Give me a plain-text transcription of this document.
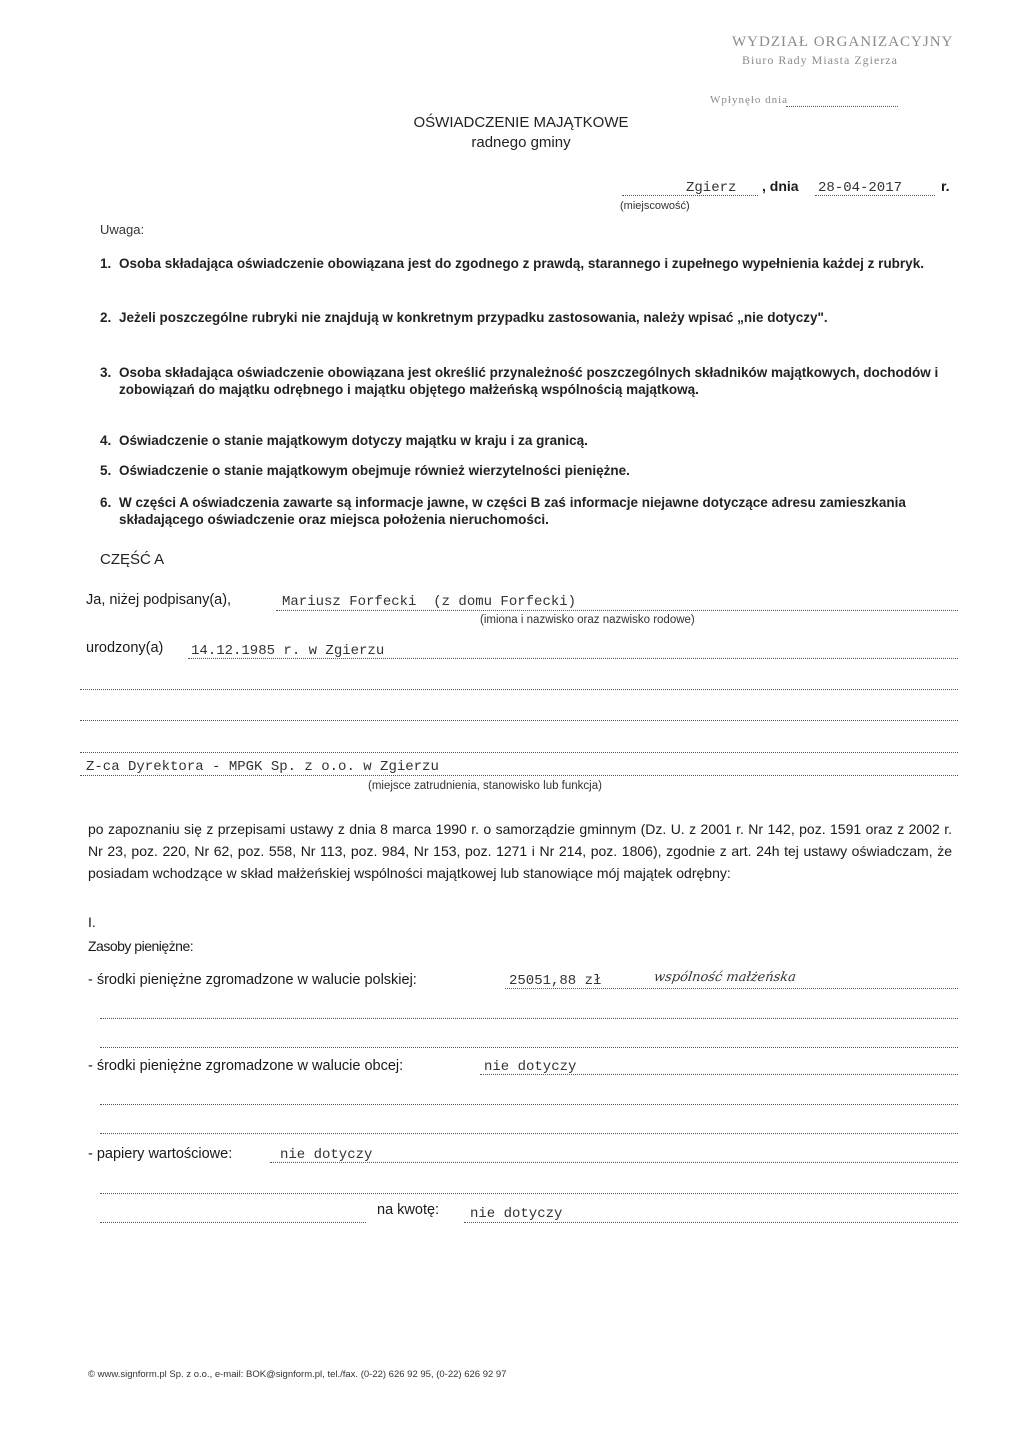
WYDZIAŁ ORGANIZACYJNY
Biuro Rady Miasta Zgierza
Wpłynęło dnia
OŚWIADCZENIE MAJĄTKOWE
radnego gminy
Zgierz
(miejscowość)
, dnia 28-04-2017	r.
Uwaga:
1. Osoba składająca oświadczenie obowiązana jest do zgodnego z prawdą, starannego i zupełnego wypełnienia każdej z rubryk.
2. Jeżeli poszczególne rubryki nie znajdują w konkretnym przypadku zastosowania, należy wpisać „nie dotyczy".
3. Osoba składająca oświadczenie obowiązana jest określić przynależność poszczególnych składników majątkowych, dochodów i zobowiązań do majątku odrębnego i majątku objętego małżeńską wspólnością majątkową.
4. Oświadczenie o stanie majątkowym dotyczy majątku w kraju i za granicą.
5. Oświadczenie o stanie majątkowym obejmuje również wierzytelności pieniężne.
6. W części A oświadczenia zawarte są informacje jawne, w części B zaś informacje niejawne dotyczące adresu zamieszkania składającego oświadczenie oraz miejsca położenia nieruchomości.
CZĘŚĆ A
Ja, niżej podpisany(a),	Mariusz Forfecki  (z domu Forfecki)
(imiona i nazwisko oraz nazwisko rodowe)
urodzony(a) 14.12.1985 r. w Zgierzu
Z-ca Dyrektora - MPGK Sp. z o.o. w Zgierzu
(miejsce zatrudnienia, stanowisko lub funkcja)
po zapoznaniu się z przepisami ustawy z dnia 8 marca 1990 r. o samorządzie gminnym (Dz. U. z 2001 r. Nr 142, poz. 1591 oraz z 2002 r. Nr 23, poz. 220, Nr 62, poz. 558, Nr 113, poz. 984, Nr 153, poz. 1271 i Nr 214, poz. 1806), zgodnie z art. 24h tej ustawy oświadczam, że posiadam wchodzące w skład małżeńskiej wspólności majątkowej lub stanowiące mój majątek odrębny:
I.
Zasoby pieniężne:
- środki pieniężne zgromadzone w walucie polskiej:	25051,88 zł	wspólność małżeńska
- środki pieniężne zgromadzone w walucie obcej:	nie dotyczy
- papiery wartościowe:	nie dotyczy
na kwotę: nie dotyczy
© www.signform.pl Sp. z o.o., e-mail: BOK@signform.pl, tel./fax. (0-22) 626 92 95, (0-22) 626 92 97
